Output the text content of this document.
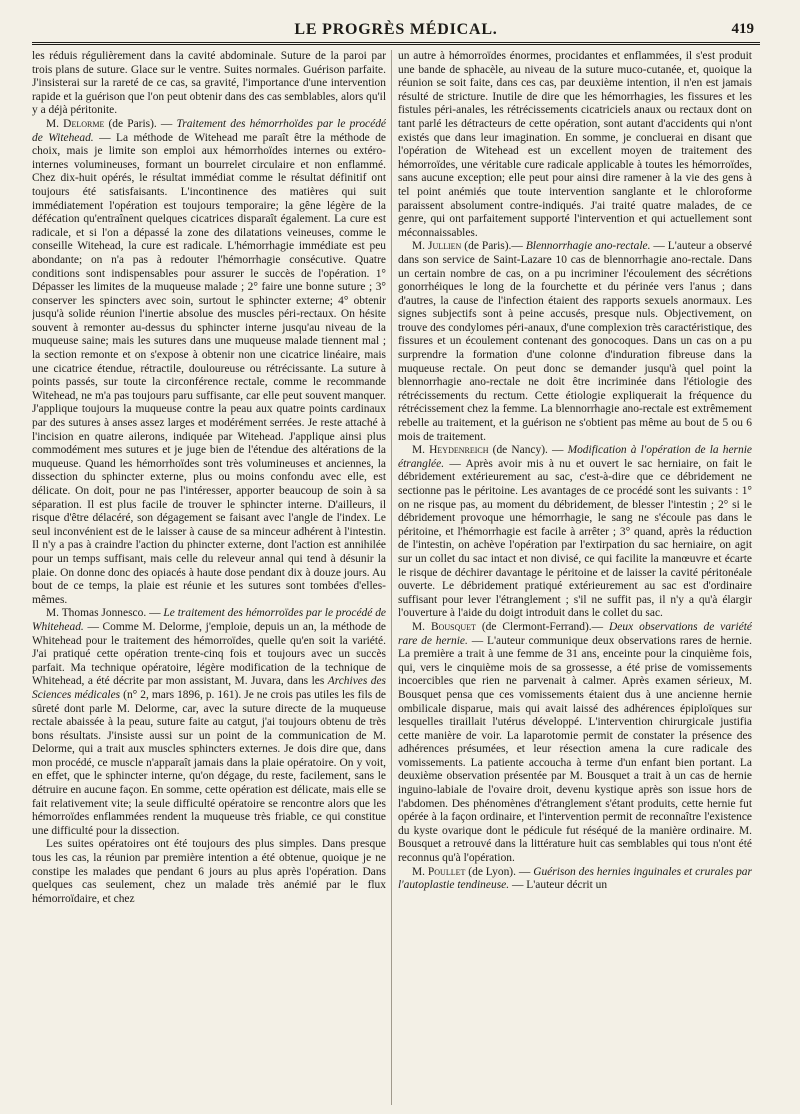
LE PROGRÈS MÉDICAL.	419

les réduis régulièrement dans la cavité abdominale. Suture de la paroi par trois plans de suture. Glace sur le ventre. Suites normales. Guérison parfaite. J'insisterai sur la rareté de ce cas, sa gravité, l'importance d'une intervention rapide et la guérison que l'on peut obtenir dans des cas semblables, alors qu'il y a déjà péritonite.

M. Delorme (de Paris). — Traitement des hémorrhoïdes par le procédé de Witehead. — La méthode de Witehead me paraît être la méthode de choix, mais je limite son emploi aux hémorrhoïdes internes ou extéro-internes volumineuses, formant un bourrelet circulaire et non enflammé. Chez dix-huit opérés, le résultat immédiat comme le résultat définitif ont toujours été satisfaisants. L'incontinence des matières qui suit immédiatement l'opération est toujours temporaire; la gêne légère de la défécation qu'entraînent quelques cicatrices disparaît également. La cure est radicale, et si l'on a dépassé la zone des dilatations veineuses, comme le conseille Witehead, la cure est radicale. L'hémorrhagie immédiate est peu abondante; on n'a pas à redouter l'hémorrhagie consécutive. Quatre conditions sont indispensables pour assurer le succès de l'opération. 1° Dépasser les limites de la muqueuse malade ; 2° faire une bonne suture ; 3° conserver les spincters avec soin, surtout le sphincter externe; 4° obtenir jusqu'à solide réunion l'inertie absolue des muscles péri-rectaux. On hésite souvent à remonter au-dessus du sphincter interne jusqu'au niveau de la muqueuse saine; mais les sutures dans une muqueuse malade tiennent mal ; la section remonte et on s'expose à obtenir non une cicatrice linéaire, mais une cicatrice étendue, rétractile, douloureuse ou rétrécissante. La suture à points passés, sur toute la circonférence rectale, comme le recommande Witehead, ne m'a pas toujours paru suffisante, car elle peut souvent manquer. J'applique toujours la muqueuse contre la peau aux quatre points cardinaux par des sutures à anses assez larges et modérément serrées. Je reste attaché à l'incision en quatre ailerons, indiquée par Witehead. J'applique ainsi plus commodément mes sutures et je juge bien de l'étendue des altérations de la muqueuse. Quand les hémorrhoïdes sont très volumineuses et anciennes, la dissection du sphincter externe, plus ou moins confondu avec elle, est délicate. On doit, pour ne pas l'intéresser, apporter beaucoup de soin à sa séparation. Il est plus facile de trouver le sphincter interne. D'ailleurs, il risque d'être délacéré, son dégagement se faisant avec l'angle de l'index. Le seul inconvénient est de le laisser à cause de sa minceur adhérent à l'intestin. Il n'y a pas à craindre l'action du phincter externe, dont l'action est annihilée pour un temps suffisant, mais celle du releveur annal qui tend à désunir la plaie. On donne donc des opiacés à haute dose pendant dix à douze jours. Au bout de ce temps, la plaie est réunie et les sutures sont tombées d'elles-mêmes.

M. Thomas Jonnesco. — Le traitement des hémorroïdes par le procédé de Whitehead. — Comme M. Delorme, j'emploie, depuis un an, la méthode de Whitehead pour le traitement des hémorroïdes, quelle qu'en soit la variété. J'ai pratiqué cette opération trente-cinq fois et toujours avec un succès parfait. Ma technique opératoire, légère modification de la technique de Whitehead, a été décrite par mon assistant, M. Juvara, dans les Archives des Sciences médicales (n° 2, mars 1896, p. 161). Je ne crois pas utiles les fils de sûreté dont parle M. Delorme, car, avec la suture directe de la muqueuse rectale abaissée à la peau, suture faite au catgut, j'ai toujours obtenu de très bons résultats. J'insiste aussi sur un point de la communication de M. Delorme, qui a trait aux muscles sphincters externes. Je dois dire que, dans mon procédé, ce muscle n'apparaît jamais dans la plaie opératoire. On y voit, en effet, que le sphincter interne, qu'on dégage, du reste, facilement, sans le détruire en aucune façon. En somme, cette opération est délicate, mais elle se fait relativement vite; la seule difficulté opératoire se rencontre alors que les hémorroïdes enflammées rendent la muqueuse très friable, ce qui constitue une difficulté pour la dissection.

Les suites opératoires ont été toujours des plus simples. Dans presque tous les cas, la réunion par première intention a été obtenue, quoique je ne constipe les malades que pendant 6 jours au plus après l'opération. Dans quelques cas seulement, chez un malade très anémié par le flux hémorroïdaire, et chez

un autre à hémorroïdes énormes, procidantes et enflammées, il s'est produit une bande de sphacèle, au niveau de la suture muco-cutanée, et, quoique la réunion se soit faite, dans ces cas, par deuxième intention, il n'en est jamais résulté de stricture. Inutile de dire que les hémorrhagies, les fissures et les fistules péri-anales, les rétrécissements cicatriciels anaux ou rectaux dont on tant parlé les détracteurs de cette opération, sont autant d'accidents qui n'ont existés que dans leur imagination. En somme, je concluerai en disant que l'opération de Witehead est un excellent moyen de traitement des hémorroïdes, une véritable cure radicale applicable à toutes les hémorroïdes, sans aucune exception; elle peut pour ainsi dire ramener à la vie des gens à tel point anémiés que toute intervention sanglante et le chloroforme paraissent absolument contre-indiqués. J'ai traité quatre malades, de ce genre, qui ont parfaitement supporté l'intervention et qui actuellement sont méconnaissables.

M. Jullien (de Paris).— Blennorrhagie ano-rectale. — L'auteur a observé dans son service de Saint-Lazare 10 cas de blennorrhagie ano-rectale. Dans un certain nombre de cas, on a pu incriminer l'écoulement des sécrétions gonorrhéiques le long de la fourchette et du périnée vers l'anus ; dans d'autres, la cause de l'infection étaient des rapports sexuels anormaux. Les signes subjectifs sont à peine accusés, presque nuls. Objectivement, on trouve des condylomes péri-anaux, d'une complexion très caractéristique, des fissures et un écoulement contenant des gonocoques. Dans un cas on a pu surprendre la formation d'une colonne d'induration fibreuse dans la muqueuse rectale. On peut donc se demander jusqu'à quel point la blennorrhagie ano-rectale ne doit être incriminée dans l'étiologie des rétrécissements du rectum. Cette étiologie expliquerait la fréquence du rétrécissement chez la femme. La blennorrhagie ano-rectale est extrêmement rebelle au traitement, et la guérison ne s'obtient pas même au bout de 5 ou 6 mois de traitement.

M. Heydenreich (de Nancy). — Modification à l'opération de la hernie étranglée. — Après avoir mis à nu et ouvert le sac herniaire, on fait le débridement extérieurement au sac, c'est-à-dire que ce débridement ne sectionne pas le péritoine. Les avantages de ce procédé sont les suivants : 1° on ne risque pas, au moment du débridement, de blesser l'intestin ; 2° si le débridement provoque une hémorrhagie, le sang ne s'écoule pas dans le péritoine, et l'hémorrhagie est facile à arrêter ; 3° quand, après la réduction de l'intestin, on achève l'opération par l'extirpation du sac herniaire, on agit sur un collet du sac intact et non divisé, ce qui facilite la manœuvre et écarte le risque de déchirer davantage le péritoine et de laisser la cavité péritonéale ouverte. Le débridement pratiqué extérieurement au sac est d'ordinaire suffisant pour lever l'étranglement ; s'il ne suffit pas, il n'y a qu'à élargir l'ouverture à l'aide du doigt introduit dans le collet du sac.

M. Bousquet (de Clermont-Ferrand).— Deux observations de variété rare de hernie. — L'auteur communique deux observations rares de hernie. La première a trait à une femme de 31 ans, enceinte pour la cinquième fois, qui, vers le cinquième mois de sa grossesse, a été prise de vomissements incoercibles que rien ne parvenait à calmer. Après examen sérieux, M. Bousquet pensa que ces vomissements étaient dus à une ancienne hernie ombilicale disparue, mais qui avait laissé des adhérences épiploïques sur lesquelles tiraillait l'utérus développé. L'intervention chirurgicale justifia cette manière de voir. La laparotomie permit de constater la présence des adhérences présumées, et leur résection amena la cure radicale des vomissements. La patiente accoucha à terme d'un enfant bien portant. La deuxième observation présentée par M. Bousquet a trait à un cas de hernie inguino-labiale de l'ovaire droit, devenu kystique après son issue hors de l'abdomen. Des phénomènes d'étranglement s'étant produits, cette hernie fut opérée à la façon ordinaire, et l'intervention permit de reconnaître l'existence du kyste ovarique dont le pédicule fut réséqué de la manière ordinaire. M. Bousquet a retrouvé dans la littérature huit cas semblables qui tous n'ont été reconnus qu'à l'opération.

M. Poullet (de Lyon). — Guérison des hernies inguinales et crurales par l'autoplastie tendineuse. — L'auteur décrit un
